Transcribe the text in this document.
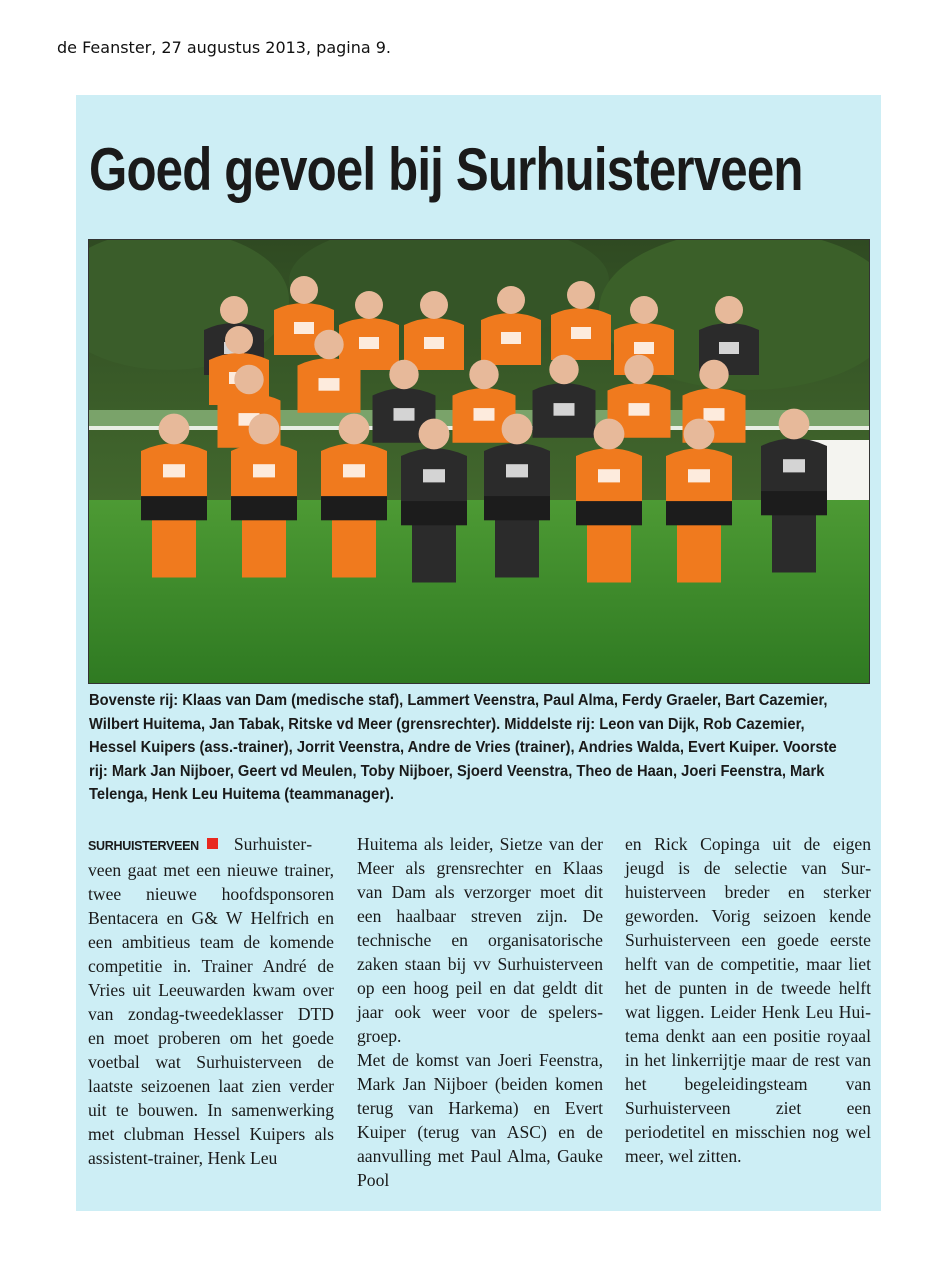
de Feanster, 27 augustus 2013, pagina 9.
Goed gevoel bij Surhuisterveen

Bovenste rij: Klaas van Dam (medische staf), Lammert Veenstra, Paul Alma, Ferdy Graeler, Bart Cazemier, Wilbert Huitema, Jan Tabak, Ritske vd Meer (grensrechter). Middelste rij: Leon van Dijk, Rob Cazemier, Hessel Kuipers (ass.-trainer), Jorrit Veenstra, Andre de Vries (trainer), Andries Walda, Evert Kuiper. Voorste rij: Mark Jan Nijboer, Geert vd Meulen, Toby Nijboer, Sjoerd Veenstra, Theo de Haan, Joeri Feenstra, Mark Telenga, Henk Leu Huitema (teammanager).

SURHUISTERVEEN Surhuisterveen gaat met een nieuwe trainer, twee nieuwe hoofdsponsoren Bentacera en G& W Helfrich en een ambitieus team de komende competitie in. Trainer André de Vries uit Leeuwarden kwam over van zondag-tweedeklasser DTD en moet proberen om het goede voetbal wat Surhuisterveen de laatste seizoenen laat zien verder uit te bouwen. In samenwerking met clubman Hessel Kuipers als assistent-trainer, Henk Leu

Huitema als leider, Sietze van der Meer als grensrechter en Klaas van Dam als verzorger moet dit een haalbaar streven zijn. De technische en organisatorische zaken staan bij vv Surhuisterveen op een hoog peil en dat geldt dit jaar ook weer voor de spelersgroep.

Met de komst van Joeri Feenstra, Mark Jan Nijboer (beiden komen terug van Harkema) en Evert Kuiper (terug van ASC) en de aanvulling met Paul Alma, Gauke Pool

en Rick Copinga uit de eigen jeugd is de selectie van Surhuisterveen breder en sterker geworden. Vorig seizoen kende Surhuisterveen een goede eerste helft van de competitie, maar liet het de punten in de tweede helft wat liggen. Leider Henk Leu Huitema denkt aan een positie royaal in het linkerrijtje maar de rest van het begeleidingsteam van Surhuisterveen ziet een periodetitel en misschien nog wel meer, wel zitten.
